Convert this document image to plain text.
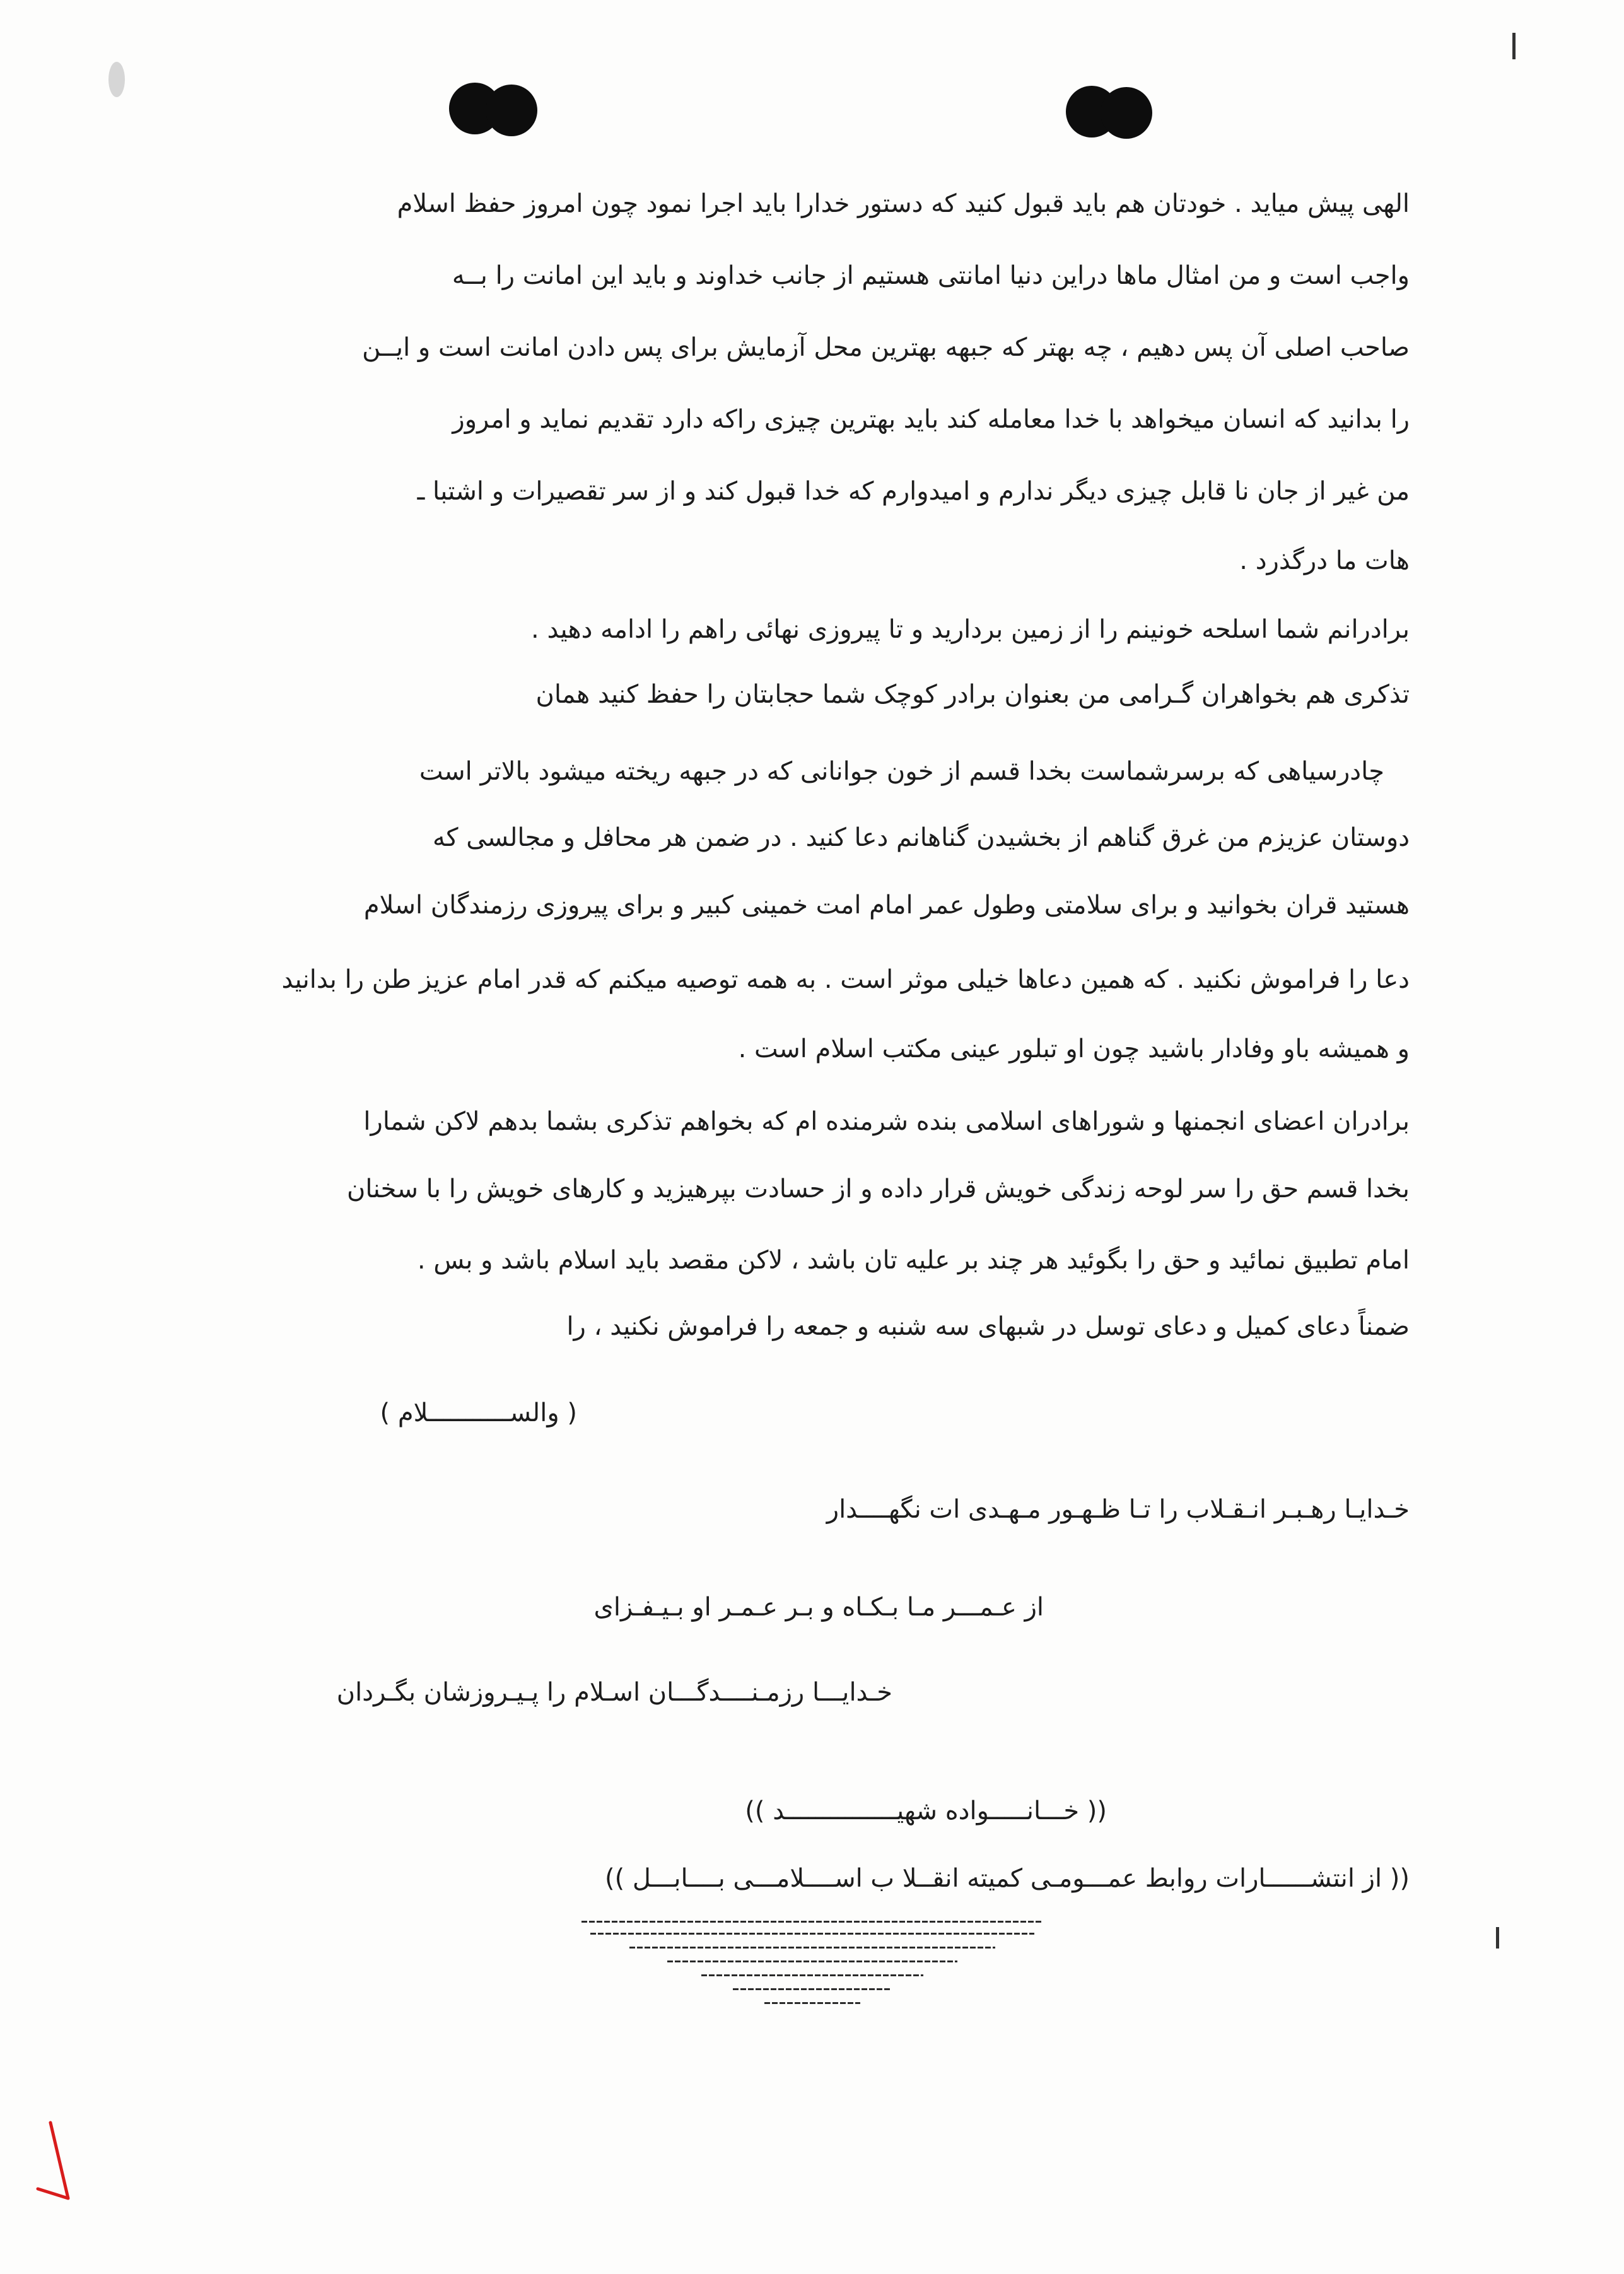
الهی پیش میاید . خودتان هم باید قبول کنید که دستور خدارا باید اجرا نمود چون امروز حفظ اسلام
واجب است و من امثال ماها دراین دنیا امانتی هستیم از جانب خداوند و باید این امانت را بــه
صاحب اصلی آن پس دهیم ، چه بهتر که جبهه بهترین محل آزمایش برای پس دادن امانت است و ایــن
را بدانید که انسان میخواهد با خدا معامله کند باید بهترین چیزی راکه دارد تقدیم نماید و امروز
من غیر از جان نا قابل چیزی دیگر ندارم و امیدوارم که خدا قبول کند و از سر تقصیرات و اشتبا ـ
هات ما درگذرد .
برادرانم شما اسلحه خونینم را از زمین بردارید و تا پیروزی نهائی راهم را ادامه دهید .
تذکری هم بخواهران گـرامی من بعنوان برادر کوچک شما حجابتان را حفظ کنید همان
چادرسیاهی که برسرشماست بخدا قسم از خون جوانانی که در جبهه ریخته میشود بالاتر است
دوستان عزیزم من غرق گناهم از بخشیدن گناهانم دعا کنید . در ضمن هر محافل و مجالسی که
هستید قران بخوانید و برای سلامتی وطول عمر امام امت خمینی کبیر و برای پیروزی رزمندگان اسلام
دعا را فراموش نکنید . که همین دعاها خیلی موثر است . به همه توصیه میکنم که قدر امام عزیز طن را بدانید
و همیشه باو وفادار باشید چون او تبلور عینی مکتب اسلام است .
برادران اعضای انجمنها و شوراهای اسلامی بنده شرمنده ام که بخواهم تذکری بشما بدهم لاکن شمارا
بخدا قسم حق را سر لوحه زندگی خویش قرار داده و از حسادت بپرهیزید و کارهای خویش را با سخنان
امام تطبیق نمائید و حق را بگوئید هر چند بر علیه تان باشد ، لاکن مقصد باید اسلام باشد و بس .
ضمناً دعای کمیل و دعای توسل در شبهای سه شنبه و جمعه را فراموش نکنید ، را
( والســـــــــــلام )
خـدایـا رهـبـر انـقـلاب را تـا ظـهـور مـهـدی ات نگهــــدار
از عـمـــر مـا بـکـاه و بـر عـمـر او بـیـفـزای
خـدایـــا رزمـنــــدگـــان اسـلام را پـیـروزشان بگـردان
(( خـــانـــــواده شهیـــــــــــــــد ))
(( از انتشــــــارات روابط عمـــومـی کمیته انقــلا ب اســــلامـــی بــــابـــل ))
